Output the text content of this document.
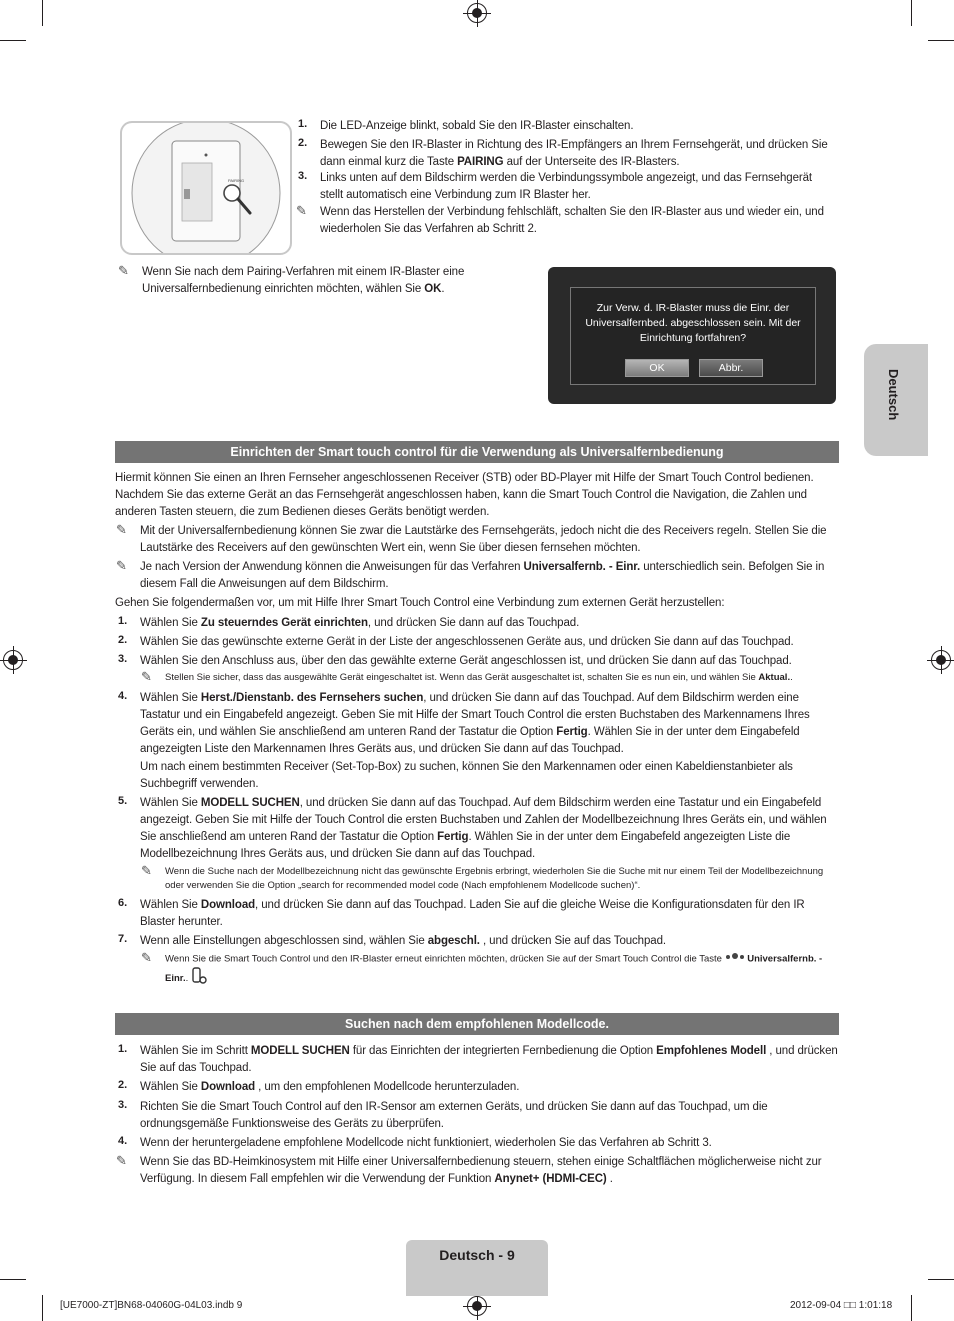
Deutsch
PAIRING
1. Die LED-Anzeige blinkt, sobald Sie den IR-Blaster einschalten.
2. Bewegen Sie den IR-Blaster in Richtung des IR-Empfängers an Ihrem Fernsehgerät, und drücken Sie dann einmal kurz die Taste PAIRING auf der Unterseite des IR-Blasters.
3. Links unten auf dem Bildschirm werden die Verbindungssymbole angezeigt, und das Fernsehgerät stellt automatisch eine Verbindung zum IR Blaster her.
✎ Wenn das Herstellen der Verbindung fehlschläft, schalten Sie den IR-Blaster aus und wieder ein, und wiederholen Sie das Verfahren ab Schritt 2.
✎ Wenn Sie nach dem Pairing-Verfahren mit einem IR-Blaster eine Universalfernbedienung einrichten möchten, wählen Sie OK.
Zur Verw. d. IR-Blaster muss die Einr. der Universalfernbed. abgeschlossen sein. Mit der Einrichtung fortfahren?
OK	Abbr.
Einrichten der Smart touch control für die Verwendung als Universalfernbedienung
Hiermit können Sie einen an Ihren Fernseher angeschlossenen Receiver (STB) oder BD-Player mit Hilfe der Smart Touch Control bedienen. Nachdem Sie das externe Gerät an das Fernsehgerät angeschlossen haben, kann die Smart Touch Control die Navigation, die Zahlen und anderen Tasten steuern, die zum Bedienen dieses Geräts benötigt werden.
✎ Mit der Universalfernbedienung können Sie zwar die Lautstärke des Fernsehgeräts, jedoch nicht die des Receivers regeln. Stellen Sie die Lautstärke des Receivers auf den gewünschten Wert ein, wenn Sie über diesen fernsehen möchten.
✎ Je nach Version der Anwendung können die Anweisungen für das Verfahren Universalfernb. - Einr. unterschiedlich sein. Befolgen Sie in diesem Fall die Anweisungen auf dem Bildschirm.
Gehen Sie folgendermaßen vor, um mit Hilfe Ihrer Smart Touch Control eine Verbindung zum externen Gerät herzustellen:
1. Wählen Sie Zu steuerndes Gerät einrichten, und drücken Sie dann auf das Touchpad.
2. Wählen Sie das gewünschte externe Gerät in der Liste der angeschlossenen Geräte aus, und drücken Sie dann auf das Touchpad.
3. Wählen Sie den Anschluss aus, über den das gewählte externe Gerät angeschlossen ist, und drücken Sie dann auf das Touchpad.
4. Wählen Sie Herst./Dienstanb. des Fernsehers suchen, und drücken Sie dann auf das Touchpad. Auf dem Bildschirm werden eine Tastatur und ein Eingabefeld angezeigt. Geben Sie mit Hilfe der Smart Touch Control die ersten Buchstaben des Markennamens Ihres Geräts ein, und wählen Sie anschließend am unteren Rand der Tastatur die Option Fertig. Wählen Sie in der unter dem Eingabefeld angezeigten Liste den Markennamen Ihres Geräts aus, und drücken Sie dann auf das Touchpad.
5. Wählen Sie MODELL SUCHEN, und drücken Sie dann auf das Touchpad. Auf dem Bildschirm werden eine Tastatur und ein Eingabefeld angezeigt. Geben Sie mit Hilfe der Touch Control die ersten Buchstaben und Zahlen der Modellbezeichnung Ihres Geräts ein, und wählen Sie anschließend am unteren Rand der Tastatur die Option Fertig. Wählen Sie in der unter dem Eingabefeld angezeigten Liste die Modellbezeichnung Ihres Geräts aus, und drücken Sie dann auf das Touchpad.
6. Wählen Sie Download, und drücken Sie dann auf das Touchpad. Laden Sie auf die gleiche Weise die Konfigurationsdaten für den IR Blaster herunter.
7. Wenn alle Einstellungen abgeschlossen sind, wählen Sie abgeschl. , und drücken Sie auf das Touchpad.
✎ Stellen Sie sicher, dass das ausgewählte Gerät eingeschaltet ist. Wenn das Gerät ausgeschaltet ist, schalten Sie es nun ein, und wählen Sie Aktual..
Um nach einem bestimmten Receiver (Set-Top-Box) zu suchen, können Sie den Markennamen oder einen Kabeldienstanbieter als Suchbegriff verwenden.
✎ Wenn die Suche nach der Modellbezeichnung nicht das gewünschte Ergebnis erbringt, wiederholen Sie die Suche mit nur einem Teil der Modellbezeichnung oder verwenden Sie die Option „search for recommended model code (Nach empfohlenem Modellcode suchen)“.
✎ Wenn Sie die Smart Touch Control und den IR-Blaster erneut einrichten möchten, drücken Sie auf der Smart Touch Control die Taste  Universalfernb. - Einr..
Suchen nach dem empfohlenen Modellcode.
1. Wählen Sie im Schritt MODELL SUCHEN für das Einrichten der integrierten Fernbedienung die Option Empfohlenes Modell , und drücken Sie auf das Touchpad.
2. Wählen Sie Download , um den empfohlenen Modellcode herunterzuladen.
3. Richten Sie die Smart Touch Control auf den IR-Sensor am externen Geräts, und drücken Sie dann auf das Touchpad, um die ordnungsgemäße Funktionsweise des Geräts zu überprüfen.
4. Wenn der heruntergeladene empfohlene Modellcode nicht funktioniert, wiederholen Sie das Verfahren ab Schritt 3.
✎ Wenn Sie das BD-Heimkinosystem mit Hilfe einer Universalfernbedienung steuern, stehen einige Schaltflächen möglicherweise nicht zur Verfügung. In diesem Fall empfehlen wir die Verwendung der Funktion Anynet+ (HDMI-CEC) .
Deutsch - 9
[UE7000-ZT]BN68-04060G-04L03.indb 9	2012-09-04 □□ 1:01:18
